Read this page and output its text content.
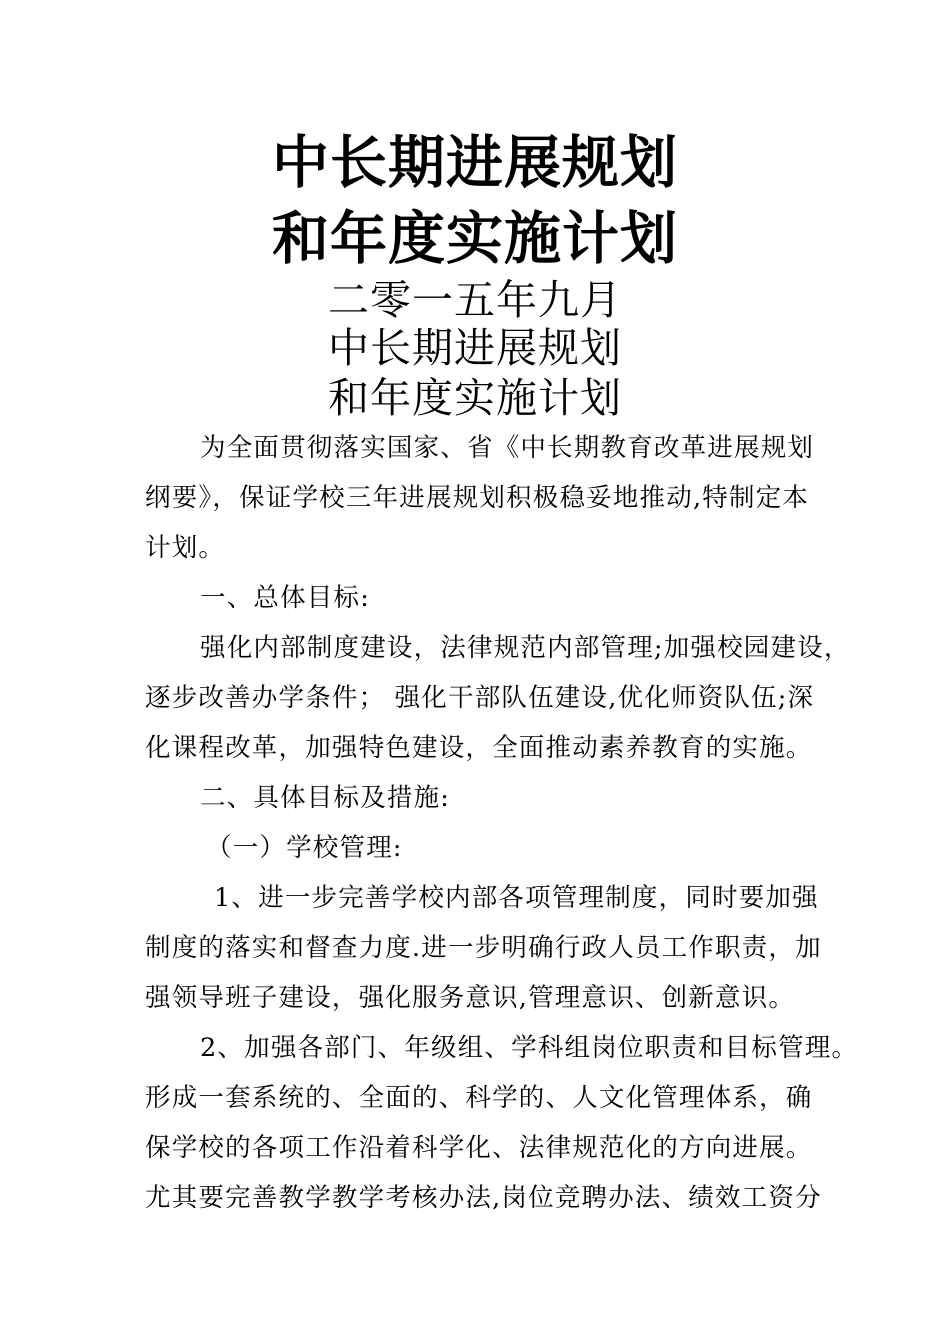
中长期进展规划
和年度实施计划
二零一五年九月
中长期进展规划
和年度实施计划
为全面贯彻落实国家、省《中长期教育改革进展规划
纲要》，保证学校三年进展规划积极稳妥地推动,特制定本
计划。
一、总体目标:
强化内部制度建设，法律规范内部管理;加强校园建设，
逐步改善办学条件； 强化干部队伍建设,优化师资队伍;深
化课程改革，加强特色建设，全面推动素养教育的实施。
二、具体目标及措施:
（一）学校管理:
1、进一步完善学校内部各项管理制度，同时要加强
制度的落实和督查力度.进一步明确行政人员工作职责，加
强领导班子建设，强化服务意识,管理意识、创新意识。
2、加强各部门、年级组、学科组岗位职责和目标管理。
形成一套系统的、全面的、科学的、人文化管理体系，确
保学校的各项工作沿着科学化、法律规范化的方向进展。
尤其要完善教学教学考核办法,岗位竞聘办法、绩效工资分
